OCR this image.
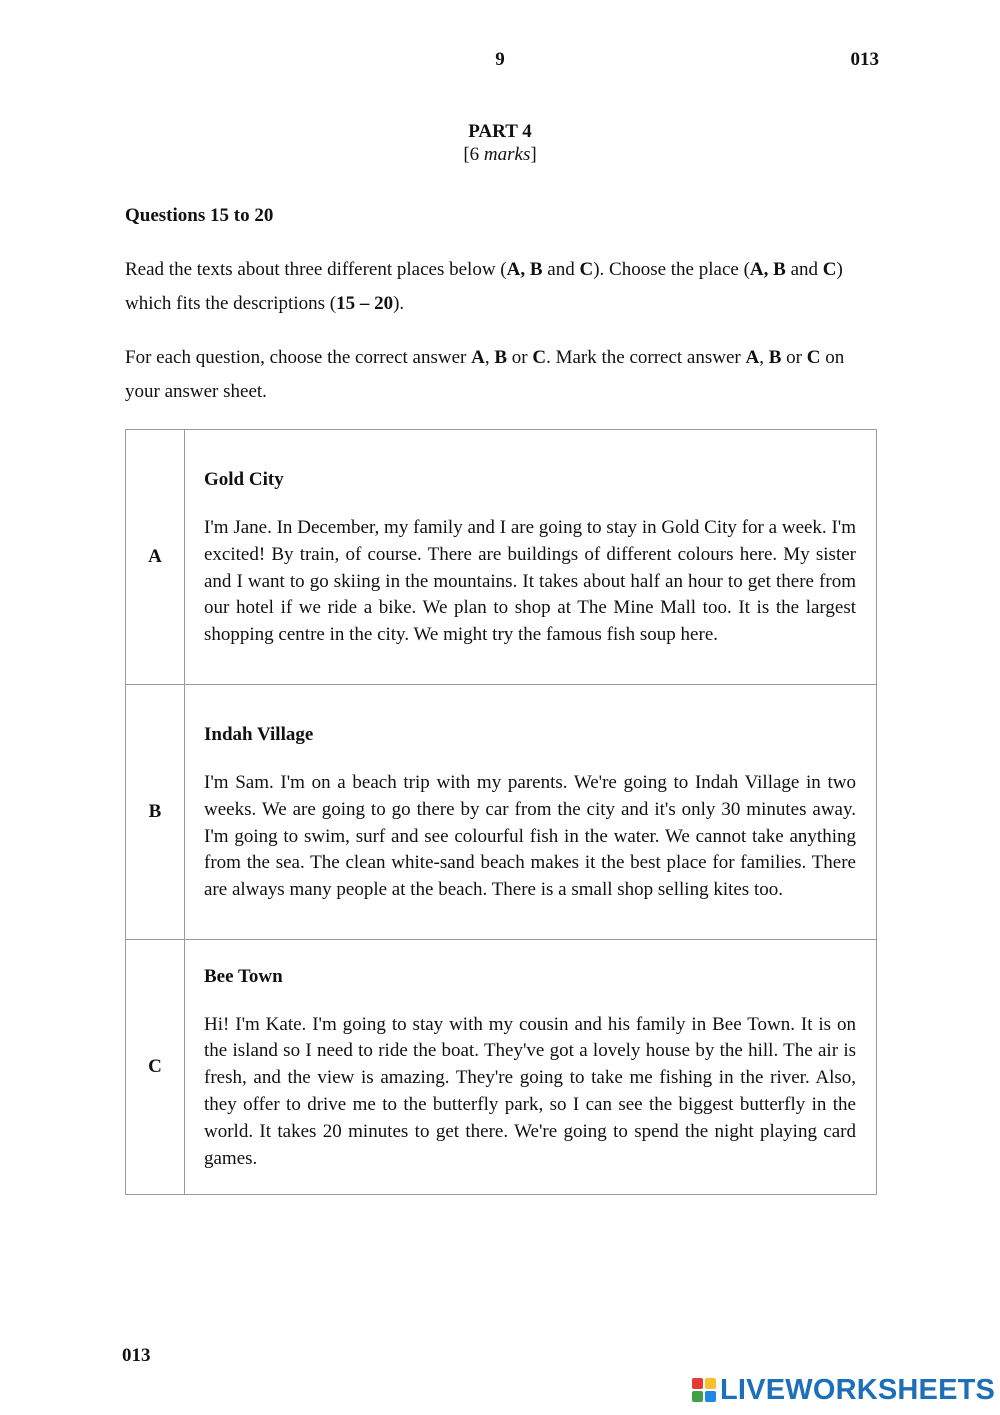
9	013
PART 4
[6 marks]
Questions 15 to 20

Read the texts about three different places below (A, B and C). Choose the place (A, B and C) which fits the descriptions (15 – 20).

For each question, choose the correct answer A, B or C. Mark the correct answer A, B or C on your answer sheet.

A	Gold City

I'm Jane. In December, my family and I are going to stay in Gold City for a week. I'm excited! By train, of course. There are buildings of different colours here. My sister and I want to go skiing in the mountains. It takes about half an hour to get there from our hotel if we ride a bike. We plan to shop at The Mine Mall too. It is the largest shopping centre in the city. We might try the famous fish soup here.

B	Indah Village

I'm Sam. I'm on a beach trip with my parents. We're going to Indah Village in two weeks. We are going to go there by car from the city and it's only 30 minutes away. I'm going to swim, surf and see colourful fish in the water. We cannot take anything from the sea. The clean white-sand beach makes it the best place for families. There are always many people at the beach. There is a small shop selling kites too.

C	Bee Town

Hi! I'm Kate. I'm going to stay with my cousin and his family in Bee Town. It is on the island so I need to ride the boat. They've got a lovely house by the hill. The air is fresh, and the view is amazing. They're going to take me fishing in the river. Also, they offer to drive me to the butterfly park, so I can see the biggest butterfly in the world. It takes 20 minutes to get there. We're going to spend the night playing card games.

013
LIVEWORKSHEETS
